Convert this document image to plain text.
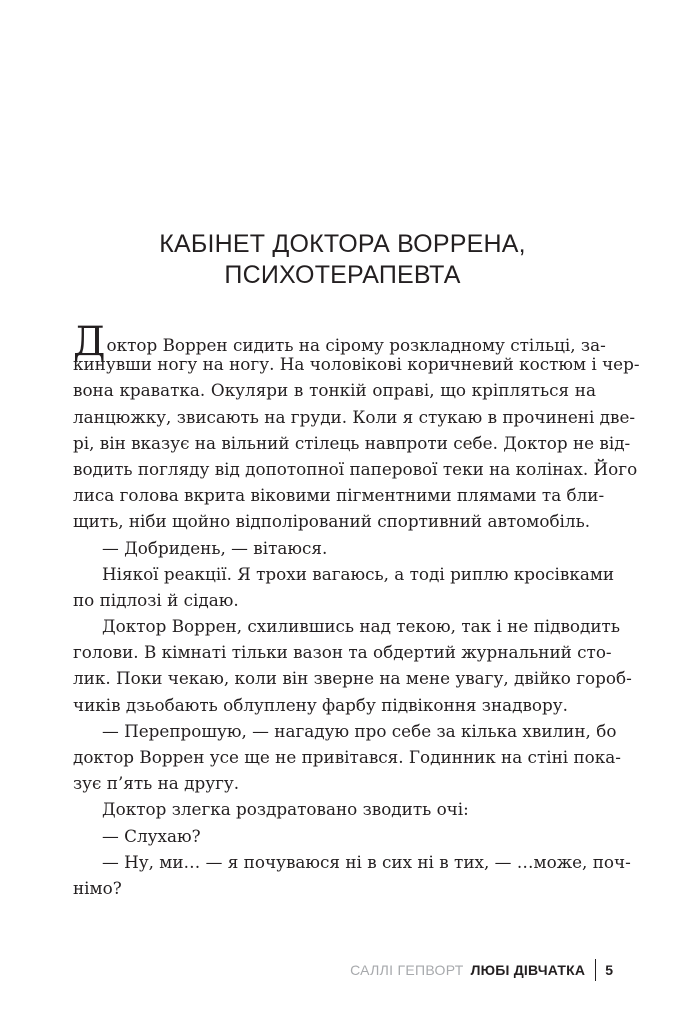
КАБІНЕТ ДОКТОРА ВОРРЕНА,
ПСИХОТЕРАПЕВТА
Доктор Воррен сидить на сірому розкладному стільці, за-
кинувши ногу на ногу. На чоловікові коричневий костюм і чер-
вона краватка. Окуляри в тонкій оправі, що кріпляться на
ланцюжку, звисають на груди. Коли я стукаю в прочинені две-
рі, він вказує на вільний стілець навпроти себе. Доктор не від-
водить погляду від допотопної паперової теки на колінах. Його
лиса голова вкрита віковими пігментними плямами та бли-
щить, ніби щойно відполірований спортивний автомобіль.
— Добридень, — вітаюся.
Ніякої реакції. Я трохи вагаюсь, а тоді риплю кросівками
по підлозі й сідаю.
Доктор Воррен, схилившись над текою, так і не підводить
голови. В кімнаті тільки вазон та обдертий журнальний сто-
лик. Поки чекаю, коли він зверне на мене увагу, двійко гороб-
чиків дзьобають облуплену фарбу підвіконня знадвору.
— Перепрошую, — нагадую про себе за кілька хвилин, бо
доктор Воррен усе ще не привітався. Годинник на стіні пока-
зує п’ять на другу.
Доктор злегка роздратовано зводить очі:
— Слухаю?
— Ну, ми… — я почуваюся ні в сих ні в тих, — …може, поч-
німо?
САЛЛІ ГЕПВОРТ ЛЮБІ ДІВЧАТКА 5
